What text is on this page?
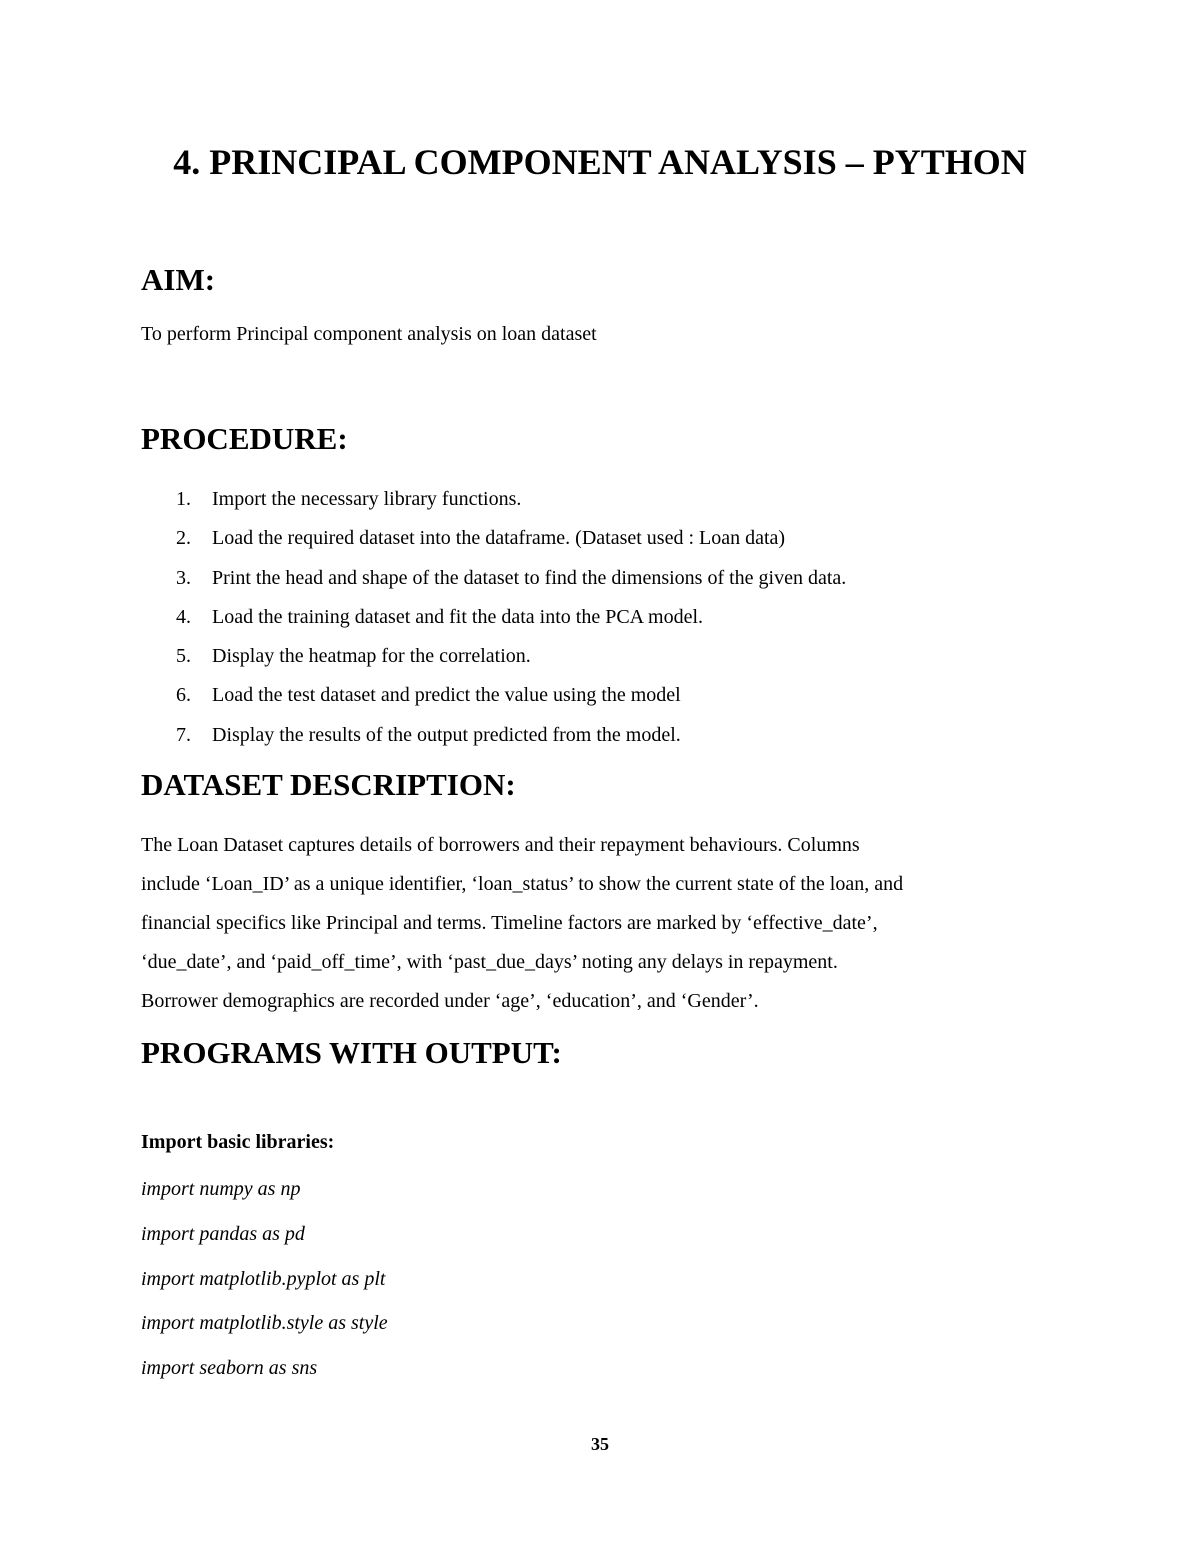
4. PRINCIPAL COMPONENT ANALYSIS – PYTHON
AIM:

To perform Principal component analysis on loan dataset

PROCEDURE:
1. Import the necessary library functions.
2. Load the required dataset into the dataframe. (Dataset used : Loan data)
3. Print the head and shape of the dataset to find the dimensions of the given data.
4. Load the training dataset and fit the data into the PCA model.
5. Display the heatmap for the correlation.
6. Load the test dataset and predict the value using the model
7. Display the results of the output predicted from the model.
DATASET DESCRIPTION:
The Loan Dataset captures details of borrowers and their repayment behaviours. Columns
include ‘Loan_ID’ as a unique identifier, ‘loan_status’ to show the current state of the loan, and
financial specifics like Principal and terms. Timeline factors are marked by ‘effective_date’,
‘due_date’, and ‘paid_off_time’, with ‘past_due_days’ noting any delays in repayment.
Borrower demographics are recorded under ‘age’, ‘education’, and ‘Gender’.
PROGRAMS WITH OUTPUT:
Import basic libraries:
import numpy as np
import pandas as pd
import matplotlib.pyplot as plt
import matplotlib.style as style
import seaborn as sns
35
